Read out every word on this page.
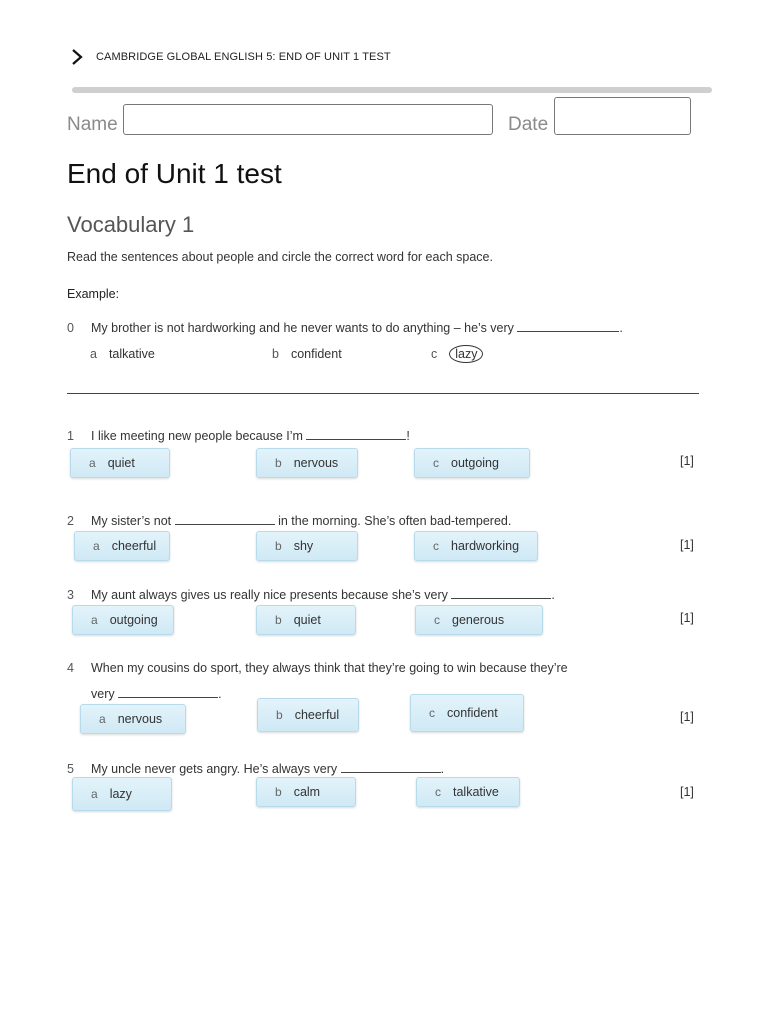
CAMBRIDGE GLOBAL ENGLISH 5: END OF UNIT 1 TEST
Name	Date
End of Unit 1 test
Vocabulary 1
Read the sentences about people and circle the correct word for each space.
Example:
0 My brother is not hardworking and he never wants to do anything – he’s very	.
a talkative	b confident	c lazy
1 I like meeting new people because I’m	!
a quiet	b nervous	c outgoing	[1]
2 My sister’s not	in the morning. She’s often bad-tempered.
a cheerful	b shy	c hardworking	[1]
3 My aunt always gives us really nice presents because she’s very	.
a outgoing	b quiet	c generous	[1]
4 When my cousins do sport, they always think that they’re going to win because they’re
very	.
a nervous	b cheerful	c confident	[1]
5 My uncle never gets angry. He’s always very	.
a lazy	b calm	c talkative	[1]
